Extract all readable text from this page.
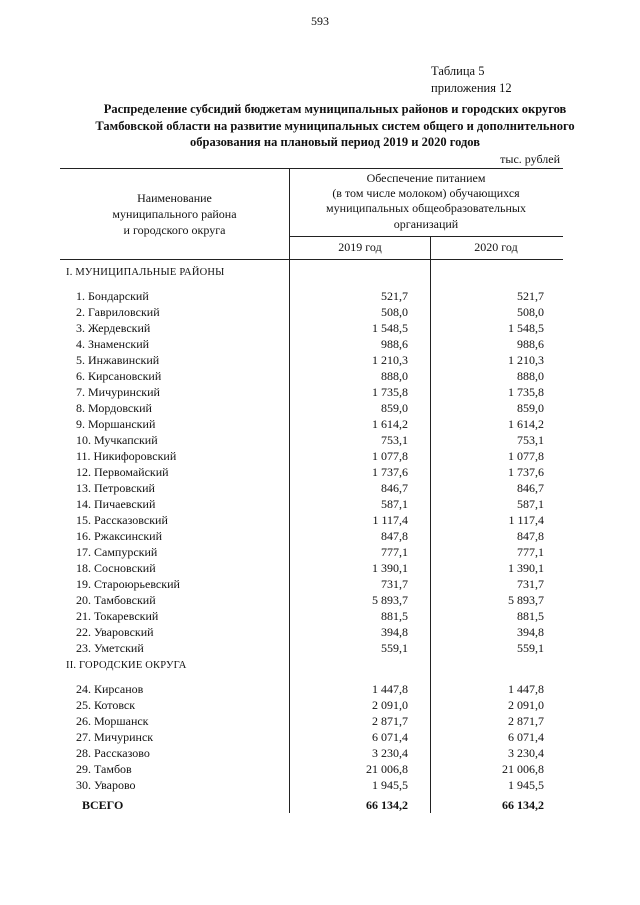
593
Таблица 5
приложения 12
Распределение субсидий бюджетам муниципальных районов и городских округов
Тамбовской области на развитие муниципальных систем общего и дополнительного
образования на плановый период 2019 и 2020 годов
тыс. рублей
Наименование
муниципального района
и городского округа
Обеспечение питанием
(в том числе молоком) обучающихся
муниципальных общеобразовательных
организаций
2019 год	2020 год
I. МУНИЦИПАЛЬНЫЕ РАЙОНЫ
1. Бондарский	521,7	521,7
2. Гавриловский	508,0	508,0
3. Жердевский	1 548,5	1 548,5
4. Знаменский	988,6	988,6
5. Инжавинский	1 210,3	1 210,3
6. Кирсановский	888,0	888,0
7. Мичуринский	1 735,8	1 735,8
8. Мордовский	859,0	859,0
9. Моршанский	1 614,2	1 614,2
10. Мучкапский	753,1	753,1
11. Никифоровский	1 077,8	1 077,8
12. Первомайский	1 737,6	1 737,6
13. Петровский	846,7	846,7
14. Пичаевский	587,1	587,1
15. Рассказовский	1 117,4	1 117,4
16. Ржаксинский	847,8	847,8
17. Сампурский	777,1	777,1
18. Сосновский	1 390,1	1 390,1
19. Староюрьевский	731,7	731,7
20. Тамбовский	5 893,7	5 893,7
21. Токаревский	881,5	881,5
22. Уваровский	394,8	394,8
23. Уметский	559,1	559,1
II. ГОРОДСКИЕ ОКРУГА
24. Кирсанов	1 447,8	1 447,8
25. Котовск	2 091,0	2 091,0
26. Моршанск	2 871,7	2 871,7
27. Мичуринск	6 071,4	6 071,4
28. Рассказово	3 230,4	3 230,4
29. Тамбов	21 006,8	21 006,8
30. Уварово	1 945,5	1 945,5
ВСЕГО	66 134,2	66 134,2
